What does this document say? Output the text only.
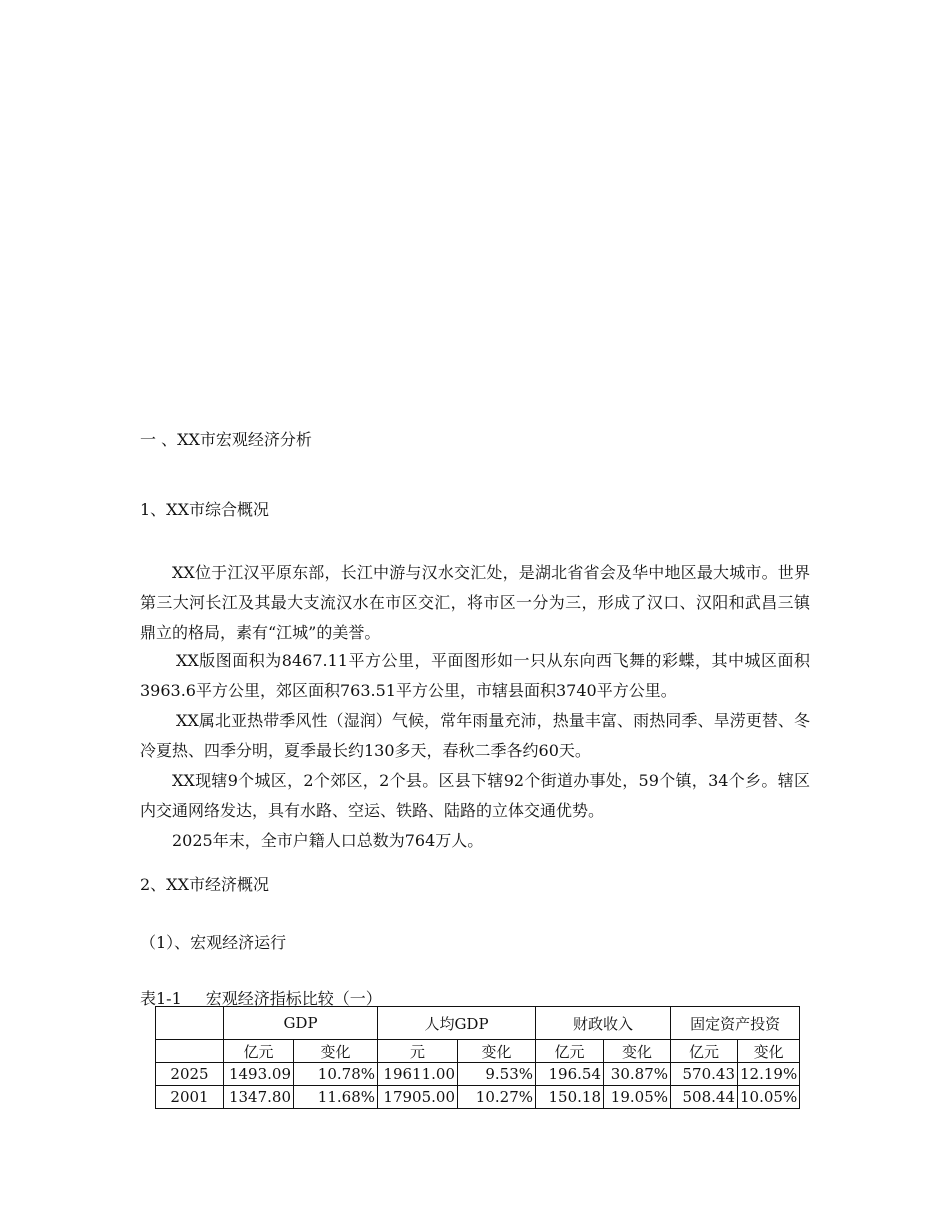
一 、XX市宏观经济分析
1、XX市综合概况
XX位于江汉平原东部，长江中游与汉水交汇处，是湖北省省会及华中地区最大城市。世界第三大河长江及其最大支流汉水在市区交汇，将市区一分为三，形成了汉口、汉阳和武昌三镇鼎立的格局，素有“江城”的美誉。
XX版图面积为8467.11平方公里，平面图形如一只从东向西飞舞的彩蝶，其中城区面积3963.6平方公里，郊区面积763.51平方公里，市辖县面积3740平方公里。
XX属北亚热带季风性（湿润）气候，常年雨量充沛，热量丰富、雨热同季、旱涝更替、冬冷夏热、四季分明，夏季最长约130多天，春秋二季各约60天。
XX现辖9个城区，2个郊区，2个县。区县下辖92个街道办事处，59个镇，34个乡。辖区内交通网络发达，具有水路、空运、铁路、陆路的立体交通优势。
2025年末，全市户籍人口总数为764万人。
2、XX市经济概况
（1）、宏观经济运行
表1-1 宏观经济指标比较（一）
	GDP		人均GDP		财政收入		固定资产投资	
	亿元	变化	元	变化	亿元	变化	亿元	变化
2025	1493.09	10.78%	19611.00	9.53%	196.54	30.87%	570.43	12.19%
2001	1347.80	11.68%	17905.00	10.27%	150.18	19.05%	508.44	10.05%
